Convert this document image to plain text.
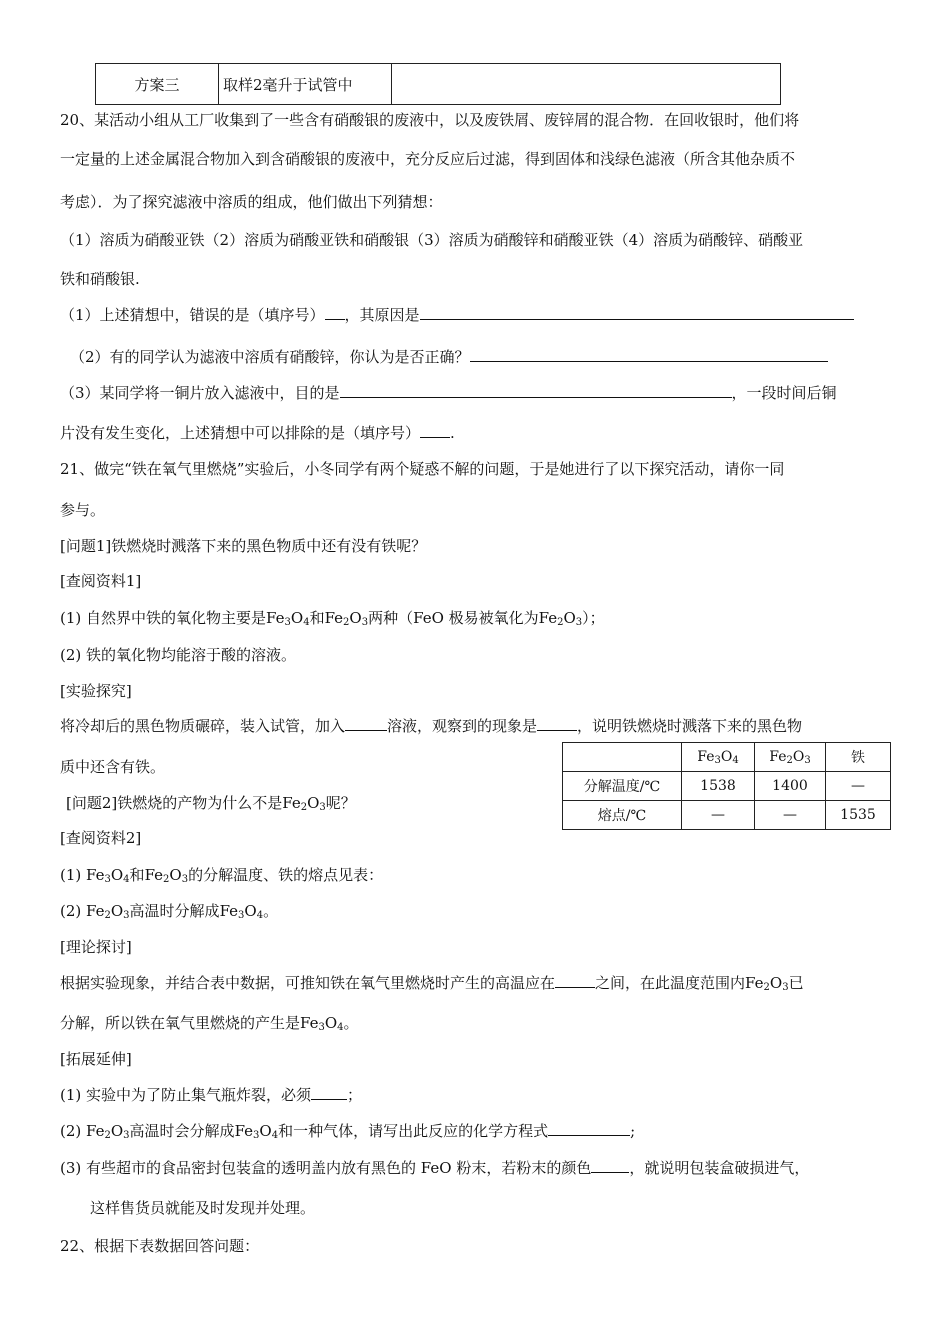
方案三	取样2毫升于试管中	
20、某活动小组从工厂收集到了一些含有硝酸银的废液中，以及废铁屑、废锌屑的混合物．在回收银时，他们将
一定量的上述金属混合物加入到含硝酸银的废液中，充分反应后过滤，得到固体和浅绿色滤液（所含其他杂质不
考虑）．为了探究滤液中溶质的组成，他们做出下列猜想：
（1）溶质为硝酸亚铁（2）溶质为硝酸亚铁和硝酸银（3）溶质为硝酸锌和硝酸亚铁（4）溶质为硝酸锌、硝酸亚
铁和硝酸银.
（1）上述猜想中，错误的是（填序号） ，其原因是
（2）有的同学认为滤液中溶质有硝酸锌，你认为是否正确？
（3）某同学将一铜片放入滤液中，目的是	，一段时间后铜
片没有发生变化，上述猜想中可以排除的是（填序号） .
21、做完“铁在氧气里燃烧”实验后，小冬同学有两个疑惑不解的问题，于是她进行了以下探究活动，请你一同
参与。
[问题1]铁燃烧时溅落下来的黑色物质中还有没有铁呢？
[查阅资料1]
(1) 自然界中铁的氧化物主要是$Fe_3O_4$和$Fe_2O_3$两种（FeO 极易被氧化为$Fe_2O_3$）；
(2) 铁的氧化物均能溶于酸的溶液。
[实验探究]
将冷却后的黑色物质碾碎，装入试管，加入	溶液，观察到的现象是	，说明铁燃烧时溅落下来的黑色物
质中还含有铁。
[问题2]铁燃烧的产物为什么不是$Fe_2O_3$呢？
[查阅资料2]
(1) $Fe_3O_4$和$Fe_2O_3$的分解温度、铁的熔点见表：
(2) $Fe_2O_3$高温时分解成$Fe_3O_4$。
[理论探讨]
根据实验现象，并结合表中数据，可推知铁在氧气里燃烧时产生的高温应在	之间，在此温度范围内$Fe_2O_3$已
分解，所以铁在氧气里燃烧的产生是$Fe_3O_4$。
[拓展延伸]
(1) 实验中为了防止集气瓶炸裂，必须 ；
(2) $Fe_2O_3$高温时会分解成$Fe_3O_4$和一种气体，请写出此反应的化学方程式	;
(3) 有些超市的食品密封包装盒的透明盖内放有黑色的 FeO 粉末，若粉末的颜色	，就说明包装盒破损进气，
这样售货员就能及时发现并处理。
	$Fe_3O_4$	$Fe_2O_3$	铁
分解温度/℃	1538	1400	—
熔点/℃	—	—	1535
22、根据下表数据回答问题：
